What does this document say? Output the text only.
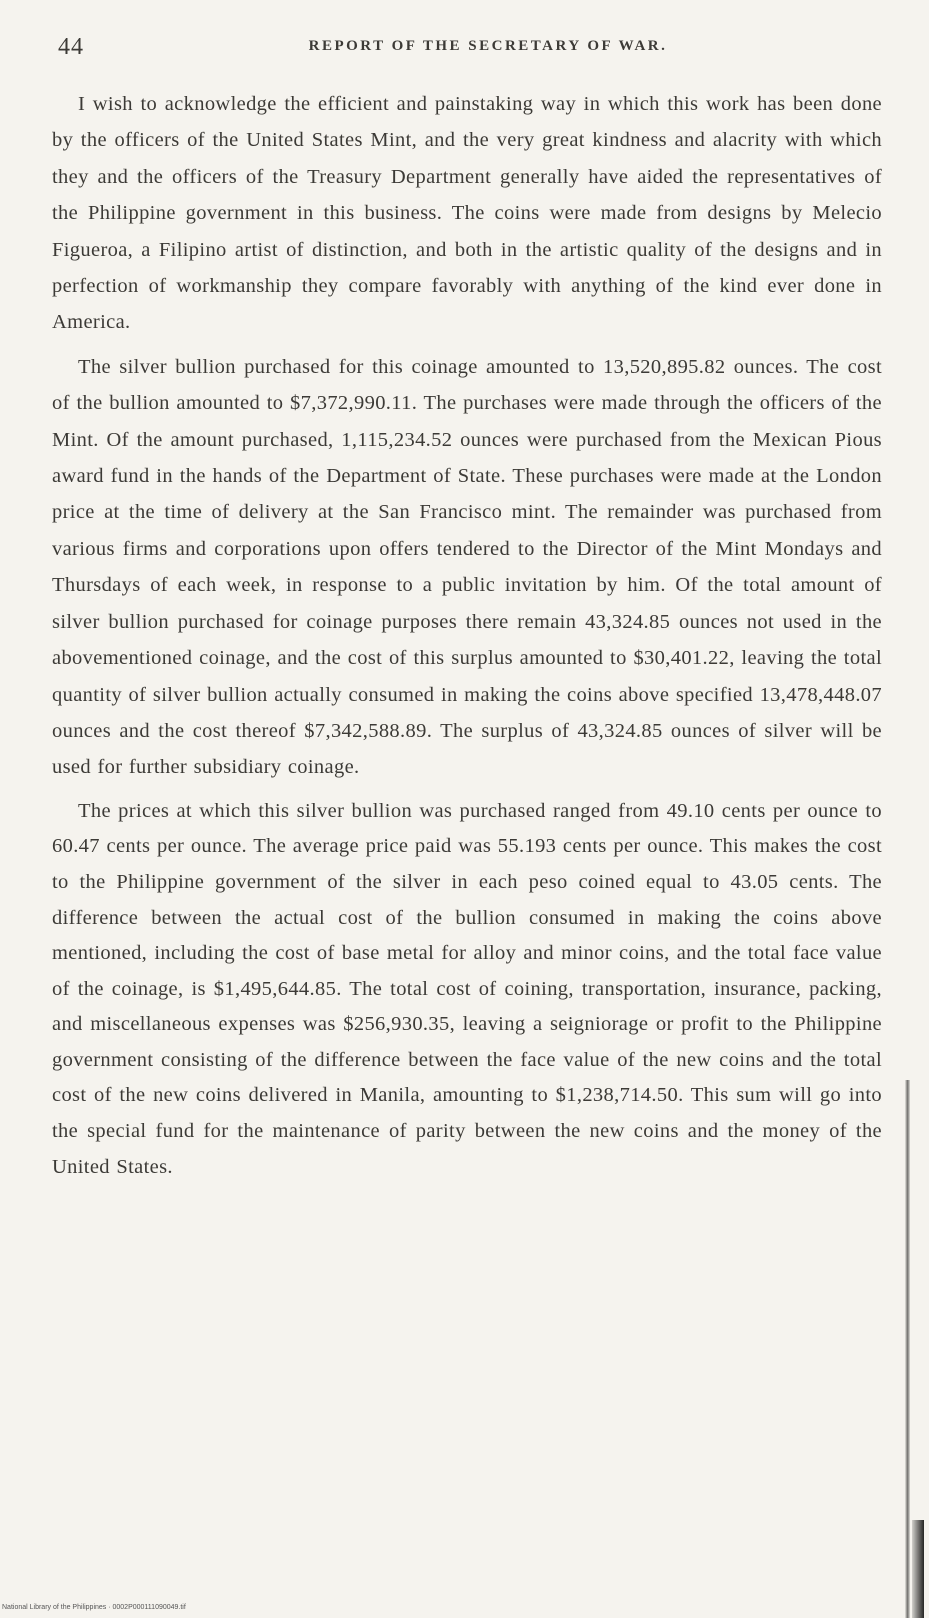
44	REPORT OF THE SECRETARY OF WAR.

I wish to acknowledge the efficient and painstaking way in which this work has been done by the officers of the United States Mint, and the very great kindness and alacrity with which they and the officers of the Treasury Department generally have aided the representatives of the Philippine government in this business. The coins were made from designs by Melecio Figueroa, a Filipino artist of distinction, and both in the artistic quality of the designs and in perfection of workmanship they compare favorably with anything of the kind ever done in America.

The silver bullion purchased for this coinage amounted to 13,520,895.82 ounces. The cost of the bullion amounted to $7,372,990.11. The purchases were made through the officers of the Mint. Of the amount purchased, 1,115,234.52 ounces were purchased from the Mexican Pious award fund in the hands of the Department of State. These purchases were made at the London price at the time of delivery at the San Francisco mint. The remainder was purchased from various firms and corporations upon offers tendered to the Director of the Mint Mondays and Thursdays of each week, in response to a public invitation by him. Of the total amount of silver bullion purchased for coinage purposes there remain 43,324.85 ounces not used in the abovementioned coinage, and the cost of this surplus amounted to $30,401.22, leaving the total quantity of silver bullion actually consumed in making the coins above specified 13,478,448.07 ounces and the cost thereof $7,342,588.89. The surplus of 43,324.85 ounces of silver will be used for further subsidiary coinage.

The prices at which this silver bullion was purchased ranged from 49.10 cents per ounce to 60.47 cents per ounce. The average price paid was 55.193 cents per ounce. This makes the cost to the Philippine government of the silver in each peso coined equal to 43.05 cents. The difference between the actual cost of the bullion consumed in making the coins above mentioned, including the cost of base metal for alloy and minor coins, and the total face value of the coinage, is $1,495,644.85. The total cost of coining, transportation, insurance, packing, and miscellaneous expenses was $256,930.35, leaving a seigniorage or profit to the Philippine government consisting of the difference between the face value of the new coins and the total cost of the new coins delivered in Manila, amounting to $1,238,714.50. This sum will go into the special fund for the maintenance of parity between the new coins and the money of the United States.

National Library of the Philippines · 0002P000111090049.tif
